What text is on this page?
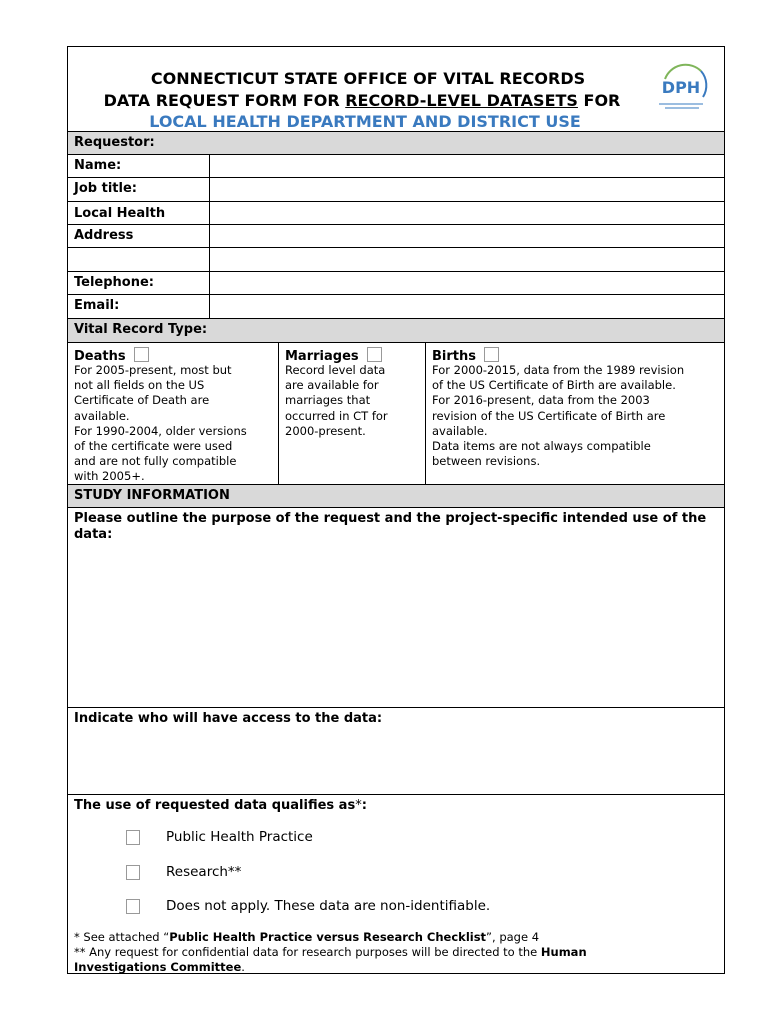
CONNECTICUT STATE OFFICE OF VITAL RECORDS
DATA REQUEST FORM FOR RECORD-LEVEL DATASETS FOR
LOCAL HEALTH DEPARTMENT AND DISTRICT USE
DPH
Requestor:
Name:
Job title:
Local Health
Address
Telephone:
Email:
Vital Record Type:
Deaths
For 2005-present, most but
not all fields on the US
Certificate of Death are
available.
For 1990-2004, older versions
of the certificate were used
and are not fully compatible
with 2005+.
Marriages
Record level data
are available for
marriages that
occurred in CT for
2000-present.
Births
For 2000-2015, data from the 1989 revision
of the US Certificate of Birth are available.
For 2016-present, data from the 2003
revision of the US Certificate of Birth are
available.
Data items are not always compatible
between revisions.
STUDY INFORMATION
Please outline the purpose of the request and the project-specific intended use of the data:
Indicate who will have access to the data:
The use of requested data qualifies as*:
Public Health Practice
Research**
Does not apply. These data are non-identifiable.
* See attached “Public Health Practice versus Research Checklist”, page 4
** Any request for confidential data for research purposes will be directed to the Human
Investigations Committee.
